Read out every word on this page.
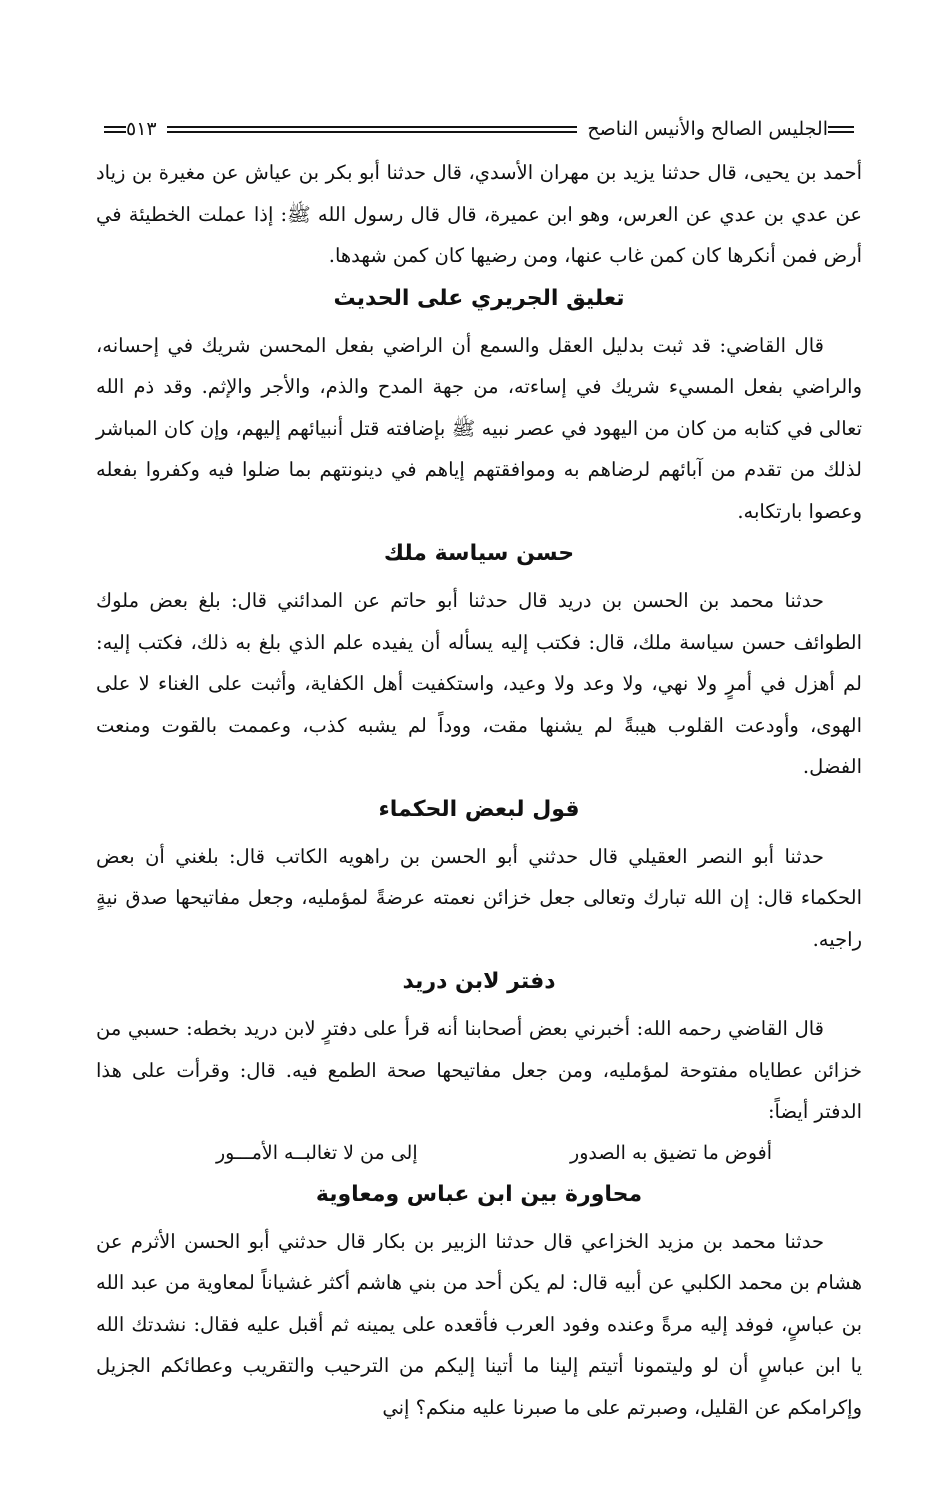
الجليس الصالح والأنيس الناصح
٥١٣

أحمد بن يحيى، قال حدثنا يزيد بن مهران الأسدي، قال حدثنا أبو بكر بن عياش عن مغيرة بن زياد عن عدي بن عدي عن العرس، وهو ابن عميرة، قال قال رسول الله ﷺ: إذا عملت الخطيئة في أرض فمن أنكرها كان كمن غاب عنها، ومن رضيها كان كمن شهدها.

تعليق الجريري على الحديث

قال القاضي: قد ثبت بدليل العقل والسمع أن الراضي بفعل المحسن شريك في إحسانه، والراضي بفعل المسيء شريك في إساءته، من جهة المدح والذم، والأجر والإثم. وقد ذم الله تعالى في كتابه من كان من اليهود في عصر نبيه ﷺ بإضافته قتل أنبيائهم إليهم، وإن كان المباشر لذلك من تقدم من آبائهم لرضاهم به وموافقتهم إياهم في دينونتهم بما ضلوا فيه وكفروا بفعله وعصوا بارتكابه.

حسن سياسة ملك

حدثنا محمد بن الحسن بن دريد قال حدثنا أبو حاتم عن المدائني قال: بلغ بعض ملوك الطوائف حسن سياسة ملك، قال: فكتب إليه يسأله أن يفيده علم الذي بلغ به ذلك، فكتب إليه: لم أهزل في أمرٍ ولا نهي، ولا وعد ولا وعيد، واستكفيت أهل الكفاية، وأثبت على الغناء لا على الهوى، وأودعت القلوب هيبةً لم يشنها مقت، ووداً لم يشبه كذب، وعممت بالقوت ومنعت الفضل.

قول لبعض الحكماء

حدثنا أبو النصر العقيلي قال حدثني أبو الحسن بن راهويه الكاتب قال: بلغني أن بعض الحكماء قال: إن الله تبارك وتعالى جعل خزائن نعمته عرضةً لمؤمليه، وجعل مفاتيحها صدق نيةٍ راجيه.

دفتر لابن دريد

قال القاضي رحمه الله: أخبرني بعض أصحابنا أنه قرأ على دفترٍ لابن دريد بخطه: حسبي من خزائن عطاياه مفتوحة لمؤمليه، ومن جعل مفاتيحها صحة الطمع فيه. قال: وقرأت على هذا الدفتر أيضاً:

أفوض ما تضيق به الصدور
إلى من لا تغالبــه الأمـــور
محاورة بين ابن عباس ومعاوية

حدثنا محمد بن مزيد الخزاعي قال حدثنا الزبير بن بكار قال حدثني أبو الحسن الأثرم عن هشام بن محمد الكلبي عن أبيه قال: لم يكن أحد من بني هاشم أكثر غشياناً لمعاوية من عبد الله بن عباسٍ، فوفد إليه مرةً وعنده وفود العرب فأقعده على يمينه ثم أقبل عليه فقال: نشدتك الله يا ابن عباسٍ أن لو وليتمونا أتيتم إلينا ما أتينا إليكم من الترحيب والتقريب وعطائكم الجزيل وإكرامكم عن القليل، وصبرتم على ما صبرنا عليه منكم؟ إني
